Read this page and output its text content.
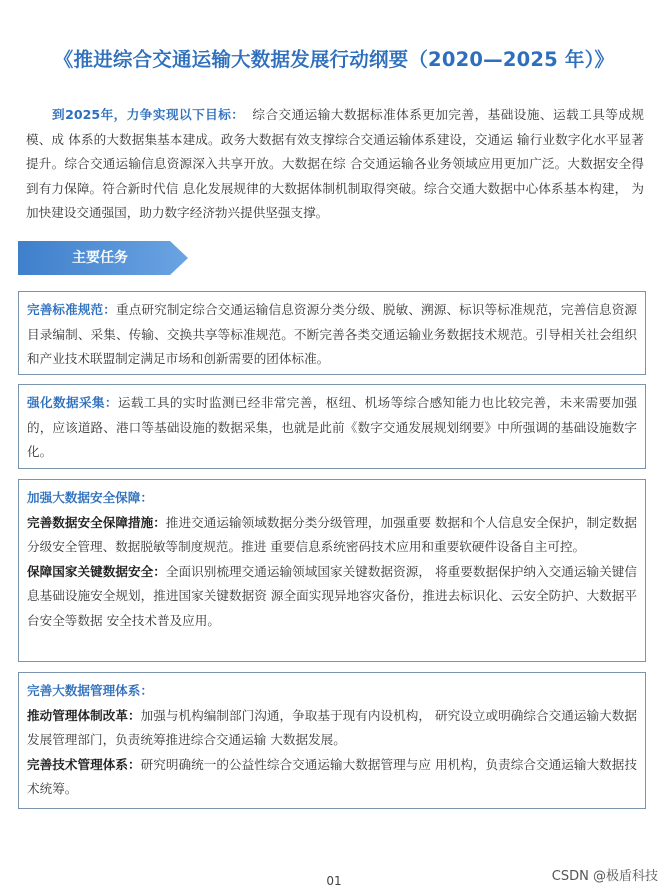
《推进综合交通运输大数据发展行动纲要（2020—2025 年）》
到2025年，力争实现以下目标： 综合交通运输大数据标准体系更加完善，基础设施、运载工具等成规模、成 体系的大数据集基本建成。政务大数据有效支撑综合交通运输体系建设，交通运 输行业数字化水平显著提升。综合交通运输信息资源深入共享开放。大数据在综 合交通运输各业务领域应用更加广泛。大数据安全得到有力保障。符合新时代信 息化发展规律的大数据体制机制取得突破。综合交通大数据中心体系基本构建， 为加快建设交通强国，助力数字经济勃兴提供坚强支撑。
主要任务

完善标准规范：重点研究制定综合交通运输信息资源分类分级、脱敏、溯源、标识等标准规范，完善信息资源目录编制、采集、传输、交换共享等标准规范。不断完善各类交通运输业务数据技术规范。引导相关社会组织和产业技术联盟制定满足市场和创新需要的团体标准。

强化数据采集：运载工具的实时监测已经非常完善，枢纽、机场等综合感知能力也比较完善，未来需要加强的，应该道路、港口等基础设施的数据采集，也就是此前《数字交通发展规划纲要》中所强调的基础设施数字化。

加强大数据安全保障：

完善数据安全保障措施：推进交通运输领域数据分类分级管理，加强重要 数据和个人信息安全保护，制定数据分级安全管理、数据脱敏等制度规范。推进 重要信息系统密码技术应用和重要软硬件设备自主可控。

保障国家关键数据安全：全面识别梳理交通运输领域国家关键数据资源， 将重要数据保护纳入交通运输关键信息基础设施安全规划，推进国家关键数据资 源全面实现异地容灾备份，推进去标识化、云安全防护、大数据平台安全等数据 安全技术普及应用。

完善大数据管理体系：

推动管理体制改革：加强与机构编制部门沟通，争取基于现有内设机构， 研究设立或明确综合交通运输大数据发展管理部门，负责统筹推进综合交通运输 大数据发展。

完善技术管理体系：研究明确统一的公益性综合交通运输大数据管理与应 用机构，负责综合交通运输大数据技术统筹。

01	CSDN @极盾科技
